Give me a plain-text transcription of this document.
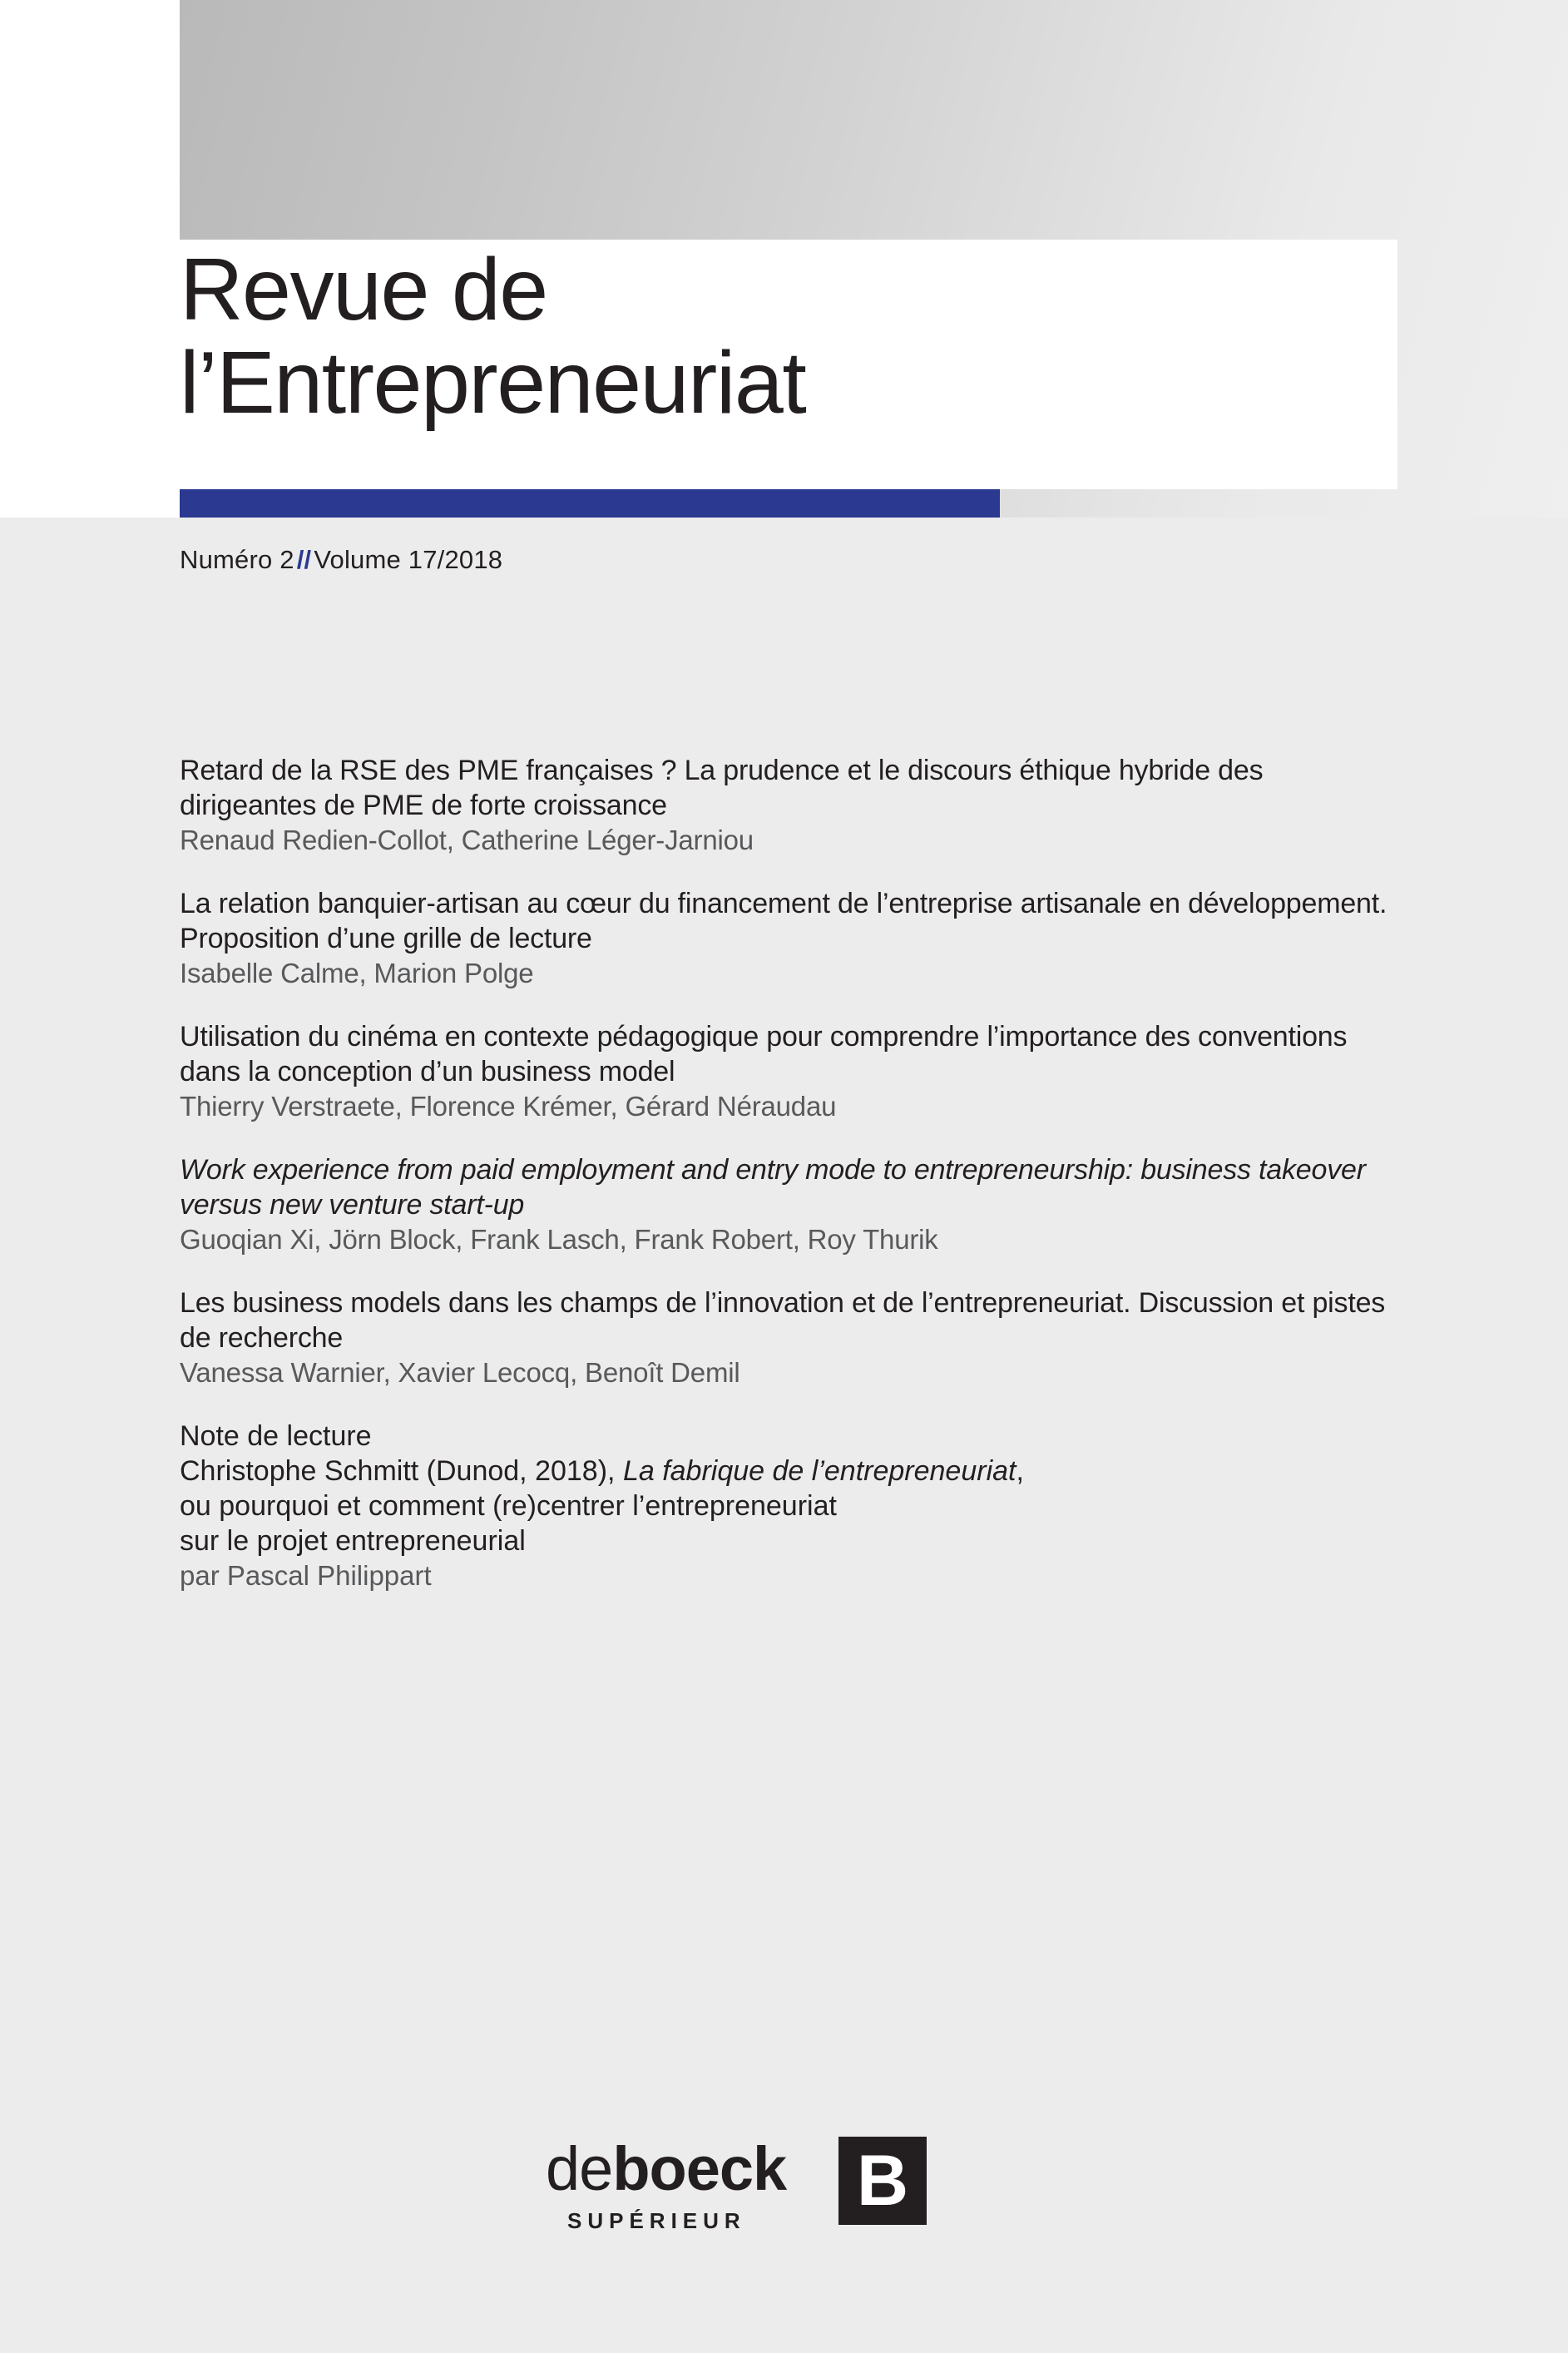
Revue de
l’Entrepreneuriat
Numéro 2//Volume 17/2018
Retard de la RSE des PME françaises ? La prudence et le discours éthique hybride des dirigeantes de PME de forte croissance
Renaud Redien-Collot, Catherine Léger-Jarniou
La relation banquier-artisan au cœur du financement de l’entreprise artisanale en développement. Proposition d’une grille de lecture
Isabelle Calme, Marion Polge
Utilisation du cinéma en contexte pédagogique pour comprendre l’importance des conventions dans la conception d’un business model
Thierry Verstraete, Florence Krémer, Gérard Néraudau
Work experience from paid employment and entry mode to entrepreneurship: business takeover versus new venture start-up
Guoqian Xi, Jörn Block, Frank Lasch, Frank Robert, Roy Thurik
Les business models dans les champs de l’innovation et de l’entrepreneuriat. Discussion et pistes de recherche
Vanessa Warnier, Xavier Lecocq, Benoît Demil
Note de lecture
Christophe Schmitt (Dunod, 2018), La fabrique de l’entrepreneuriat,
ou pourquoi et comment (re)centrer l’entrepreneuriat
sur le projet entrepreneurial
par Pascal Philippart
deboeck
SUPÉRIEUR B
